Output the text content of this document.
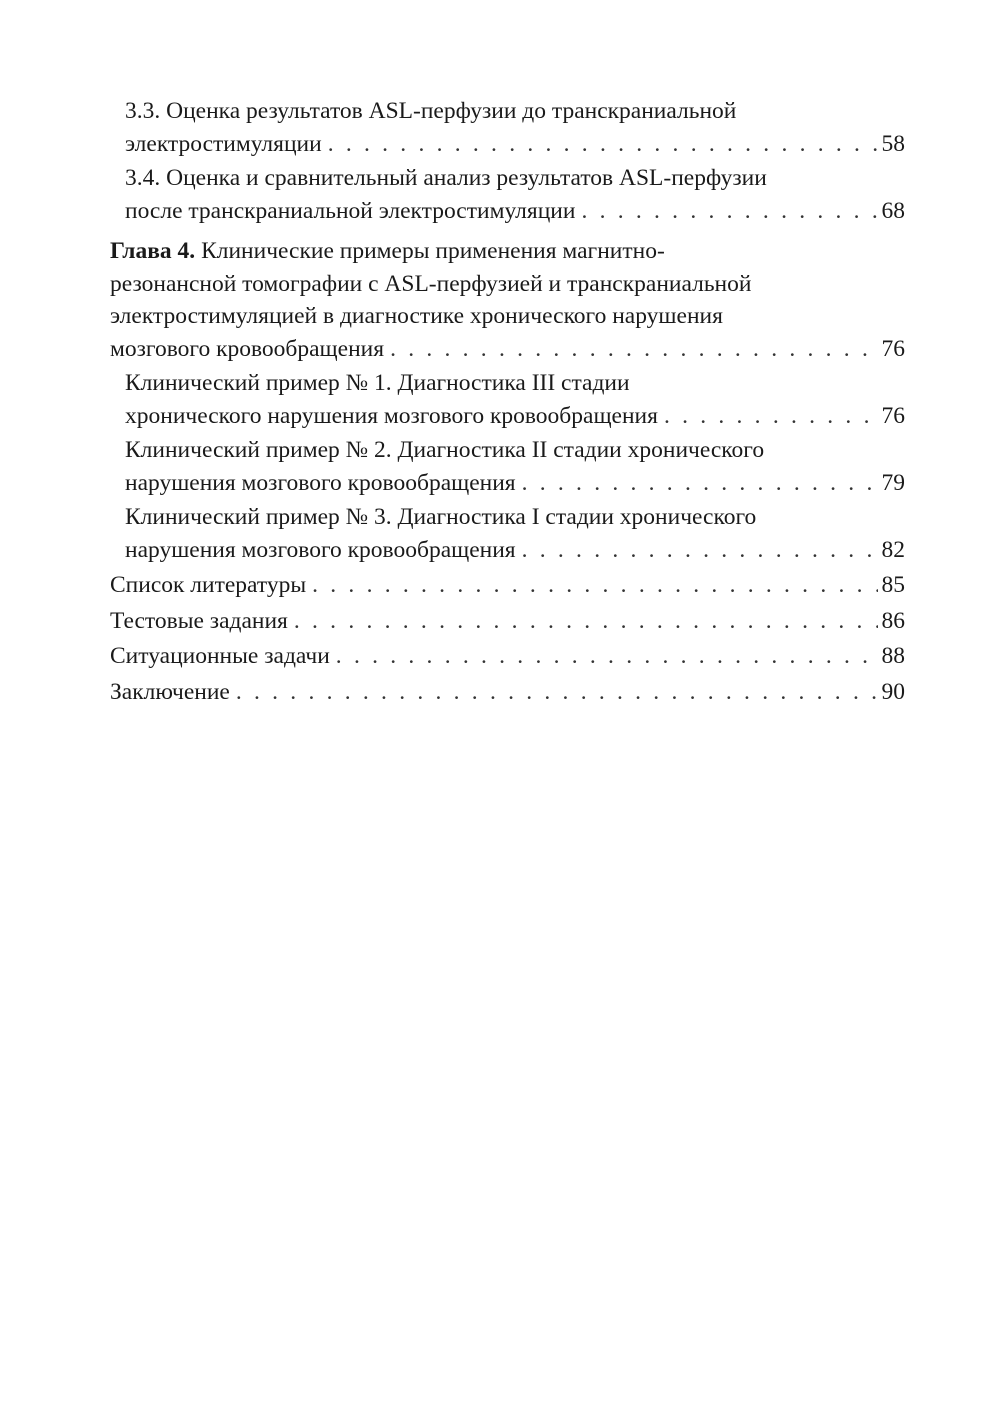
3.3. Оценка результатов ASL-перфузии до транскраниальной
электростимуляции . . .	58
3.4. Оценка и сравнительный анализ результатов ASL-перфузии
после транскраниальной электростимуляции . . .	68
Глава 4. Клинические примеры применения магнитно-
резонансной томографии с ASL-перфузией и транскраниальной
электростимуляцией в диагностике хронического нарушения
мозгового кровообращения . . .	76
Клинический пример № 1. Диагностика III стадии
хронического нарушения мозгового кровообращения . . .	76
Клинический пример № 2. Диагностика II стадии хронического
нарушения мозгового кровообращения . . .	79
Клинический пример № 3. Диагностика I стадии хронического
нарушения мозгового кровообращения . . .	82
Список литературы . . .	85
Тестовые задания . . .	86
Ситуационные задачи . . .	88
Заключение . . .	90
